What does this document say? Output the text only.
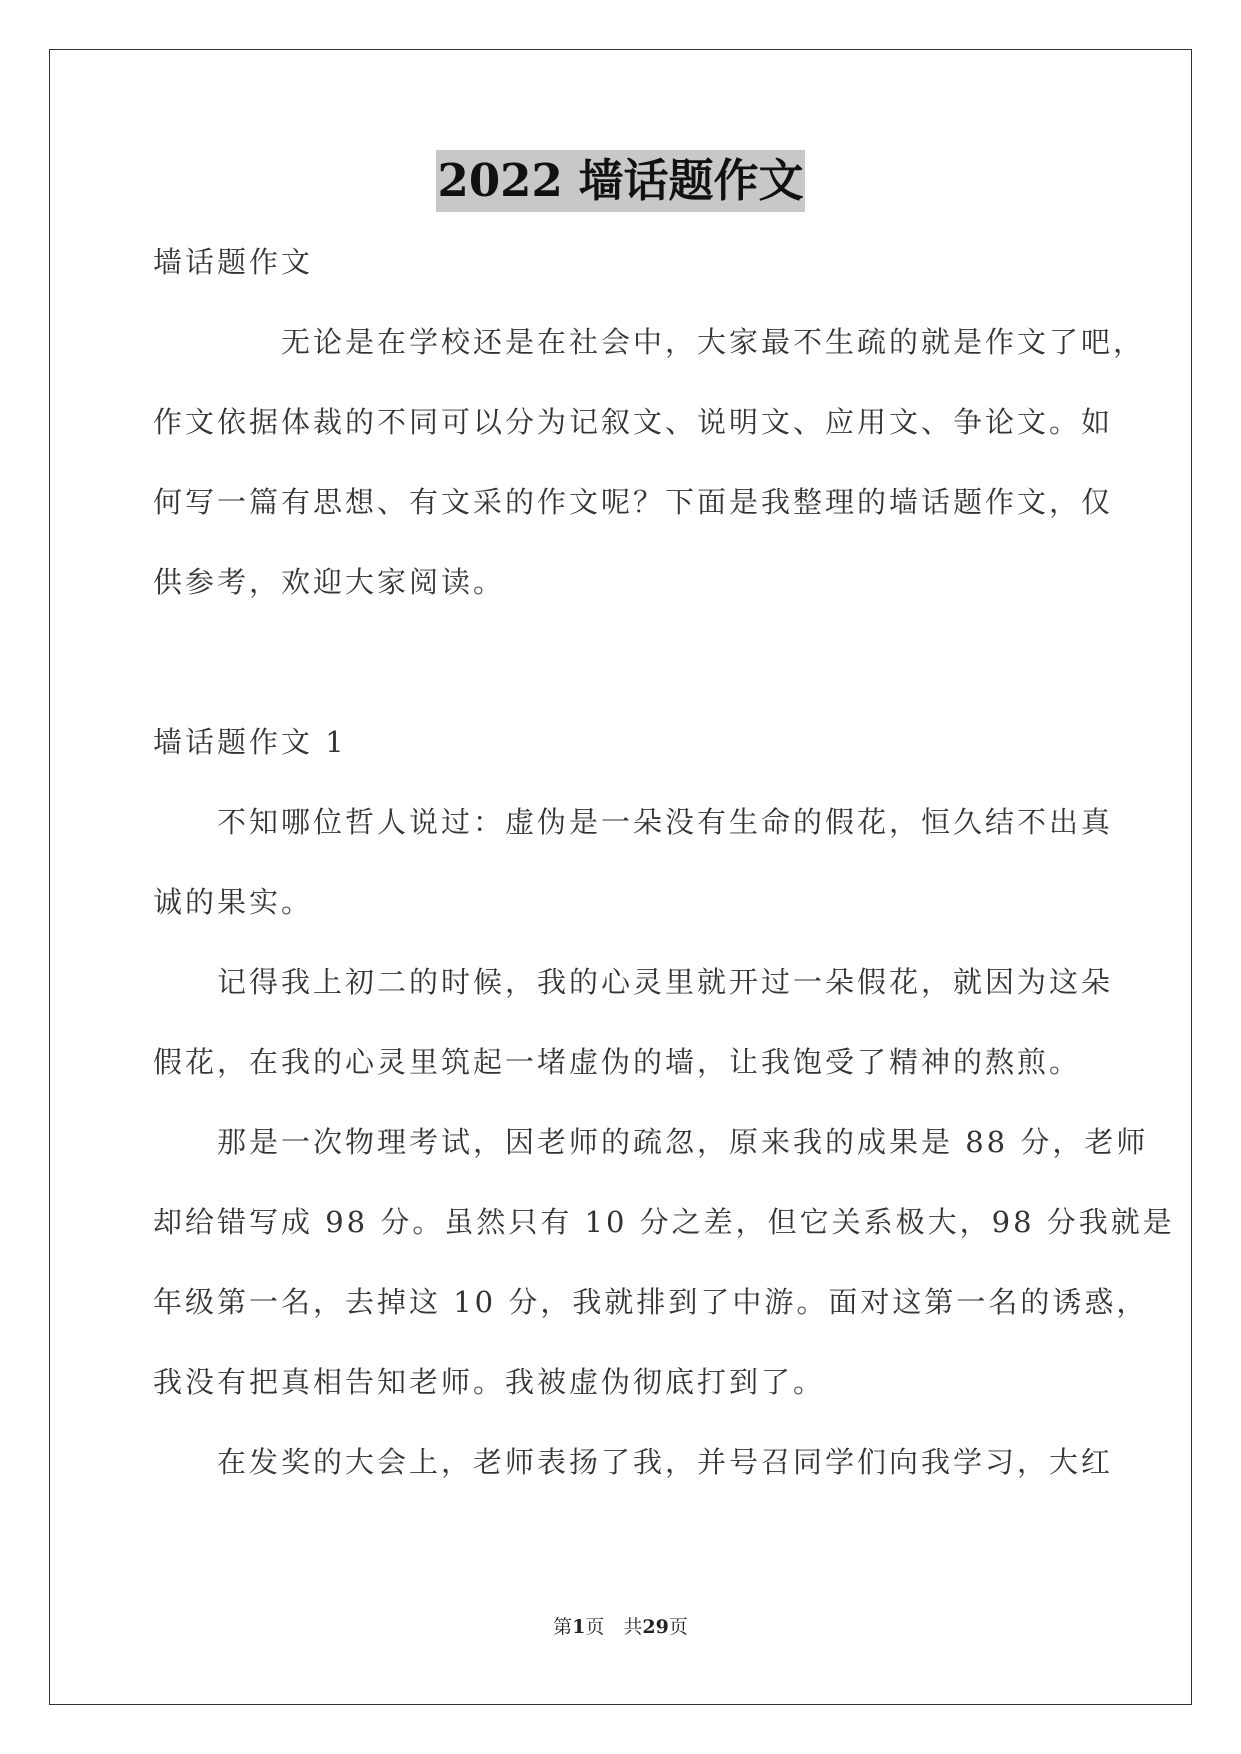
2022 墙话题作文
墙话题作文
　　　　无论是在学校还是在社会中，大家最不生疏的就是作文了吧，
作文依据体裁的不同可以分为记叙文、说明文、应用文、争论文。如
何写一篇有思想、有文采的作文呢？下面是我整理的墙话题作文，仅
供参考，欢迎大家阅读。
墙话题作文 1
　　不知哪位哲人说过：虚伪是一朵没有生命的假花，恒久结不出真
诚的果实。
　　记得我上初二的时候，我的心灵里就开过一朵假花，就因为这朵
假花，在我的心灵里筑起一堵虚伪的墙，让我饱受了精神的熬煎。
　　那是一次物理考试，因老师的疏忽，原来我的成果是 88 分，老师
却给错写成 98 分。虽然只有 10 分之差，但它关系极大，98 分我就是
年级第一名，去掉这 10 分，我就排到了中游。面对这第一名的诱惑，
我没有把真相告知老师。我被虚伪彻底打到了。
　　在发奖的大会上，老师表扬了我，并号召同学们向我学习，大红
第1页　共29页
